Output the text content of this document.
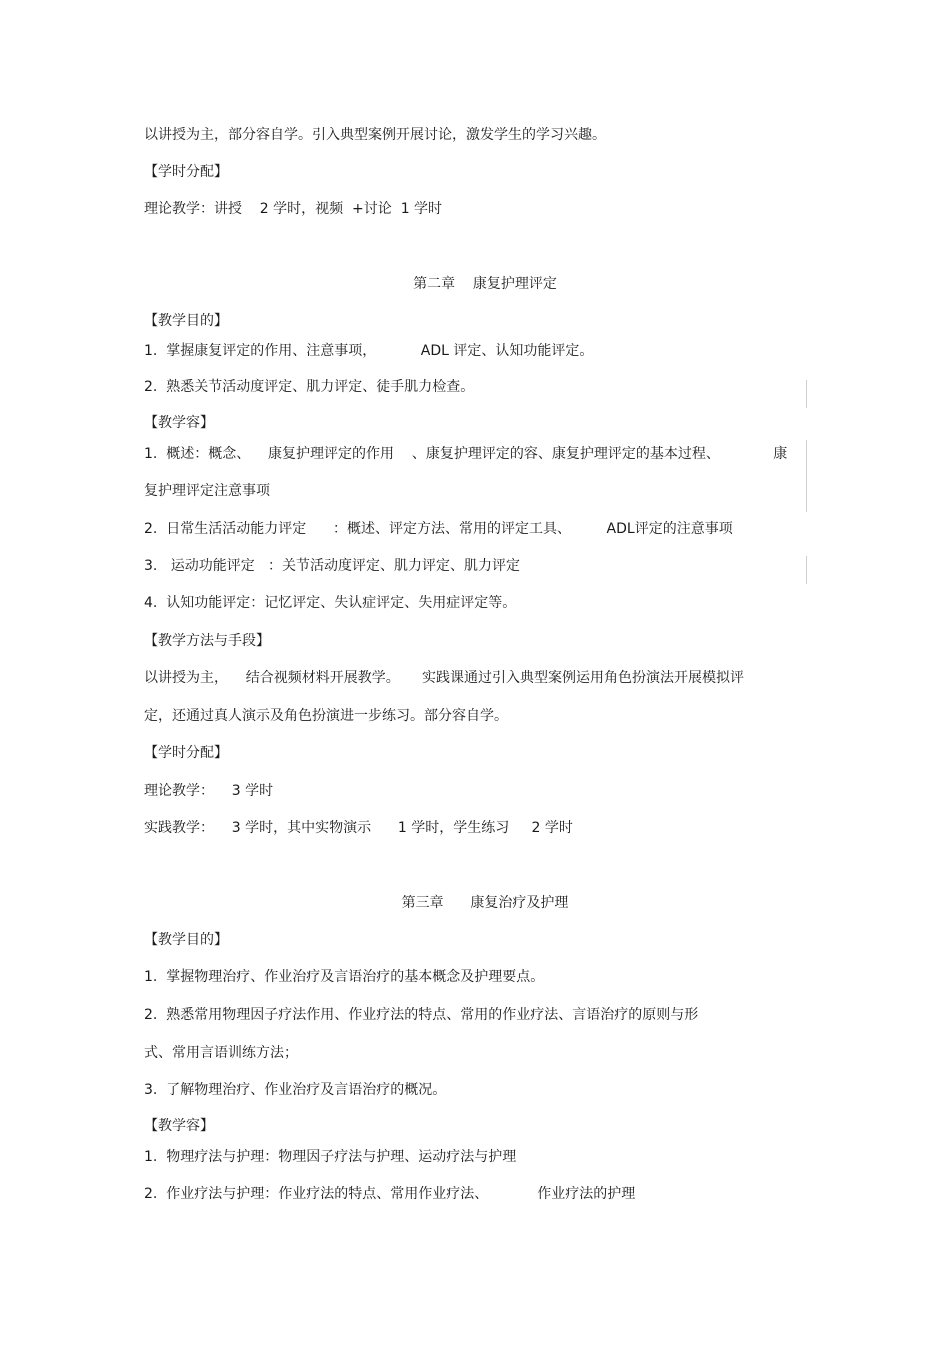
以讲授为主，部分容自学。引入典型案例开展讨论，激发学生的学习兴趣。
【学时分配】
理论教学：讲授    2 学时，视频  +讨论  1 学时
第二章    康复护理评定
【教学目的】
1.  掌握康复评定的作用、注意事项，          ADL 评定、认知功能评定。
2.  熟悉关节活动度评定、肌力评定、徒手肌力检查。
【教学容】
1.  概述：概念、    康复护理评定的作用    、康复护理评定的容、康复护理评定的基本过程、            康
复护理评定注意事项
2.  日常生活活动能力评定      ：概述、评定方法、常用的评定工具、        ADL评定的注意事项
3.   运动功能评定   ：关节活动度评定、肌力评定、肌力评定
4.  认知功能评定：记忆评定、失认症评定、失用症评定等。
【教学方法与手段】
以讲授为主，    结合视频材料开展教学。     实践课通过引入典型案例运用角色扮演法开展模拟评
定，还通过真人演示及角色扮演进一步练习。部分容自学。
【学时分配】
理论教学：    3 学时
实践教学：    3 学时，其中实物演示      1 学时，学生练习     2 学时
第三章      康复治疗及护理
【教学目的】
1.  掌握物理治疗、作业治疗及言语治疗的基本概念及护理要点。
2.  熟悉常用物理因子疗法作用、作业疗法的特点、常用的作业疗法、言语治疗的原则与形
式、常用言语训练方法；
3.  了解物理治疗、作业治疗及言语治疗的概况。
【教学容】
1.  物理疗法与护理：物理因子疗法与护理、运动疗法与护理
2.  作业疗法与护理：作业疗法的特点、常用作业疗法、           作业疗法的护理
